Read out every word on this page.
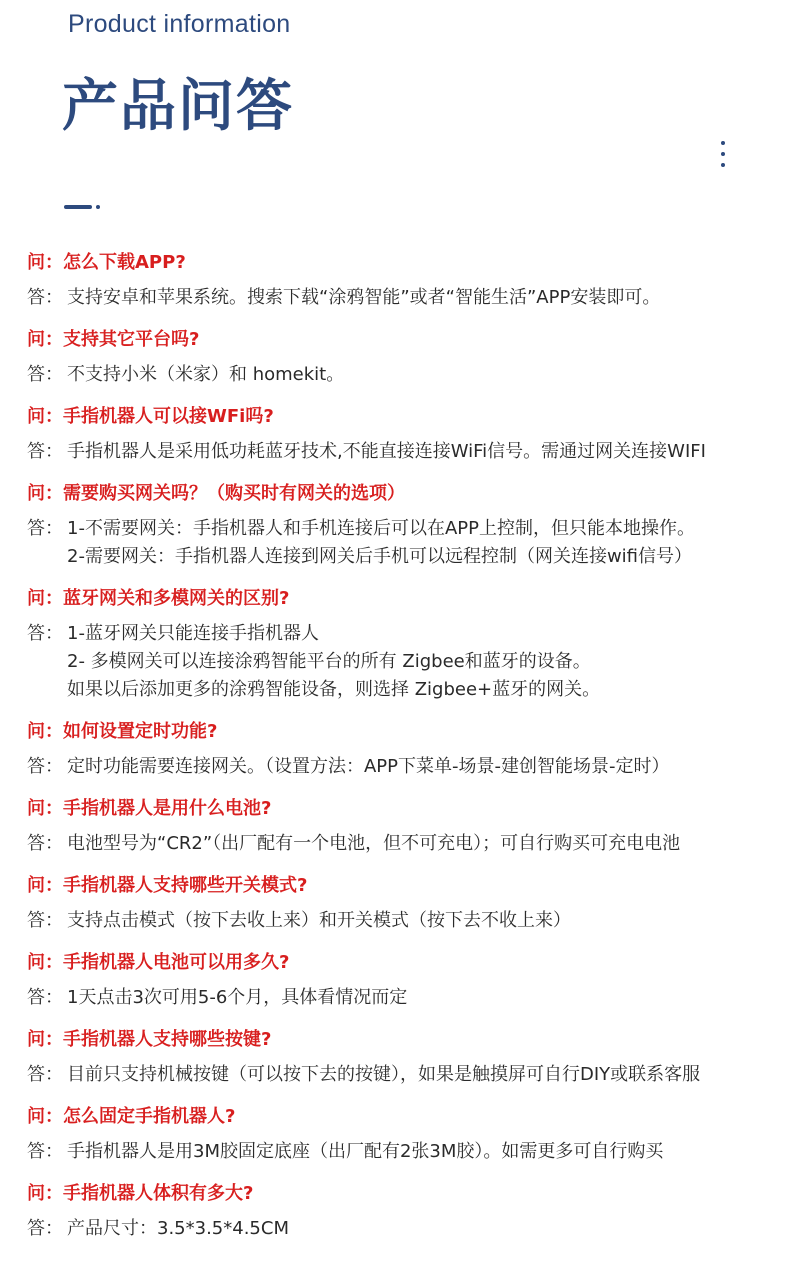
Product information
产品问答
问：怎么下载APP?
答： 支持安卓和苹果系统。搜索下载“涂鸦智能”或者“智能生活”APP安装即可。
问：支持其它平台吗?
答： 不支持小米（米家）和 homekit。
问：手指机器人可以接WFi吗?
答： 手指机器人是采用低功耗蓝牙技术,不能直接连接WiFi信号。需通过网关连接WIFI
问：需要购买网关吗？（购买时有网关的选项）
答： 1-不需要网关：手指机器人和手机连接后可以在APP上控制，但只能本地操作。
2-需要网关：手指机器人连接到网关后手机可以远程控制（网关连接wifi信号）
问：蓝牙网关和多模网关的区别?
答： 1-蓝牙网关只能连接手指机器人
2- 多模网关可以连接涂鸦智能平台的所有 Zigbee和蓝牙的设备。
如果以后添加更多的涂鸦智能设备，则选择 Zigbee+蓝牙的网关。
问：如何设置定时功能?
答： 定时功能需要连接网关。（设置方法：APP下菜单-场景-建创智能场景-定时）
问：手指机器人是用什么电池?
答： 电池型号为“CR2”（出厂配有一个电池，但不可充电）；可自行购买可充电电池
问：手指机器人支持哪些开关模式?
答： 支持点击模式（按下去收上来）和开关模式（按下去不收上来）
问：手指机器人电池可以用多久?
答： 1天点击3次可用5-6个月，具体看情况而定
问：手指机器人支持哪些按键?
答： 目前只支持机械按键（可以按下去的按键），如果是触摸屏可自行DIY或联系客服
问：怎么固定手指机器人?
答： 手指机器人是用3M胶固定底座（出厂配有2张3M胶）。如需更多可自行购买
问：手指机器人体积有多大?
答： 产品尺寸：3.5*3.5*4.5CM
